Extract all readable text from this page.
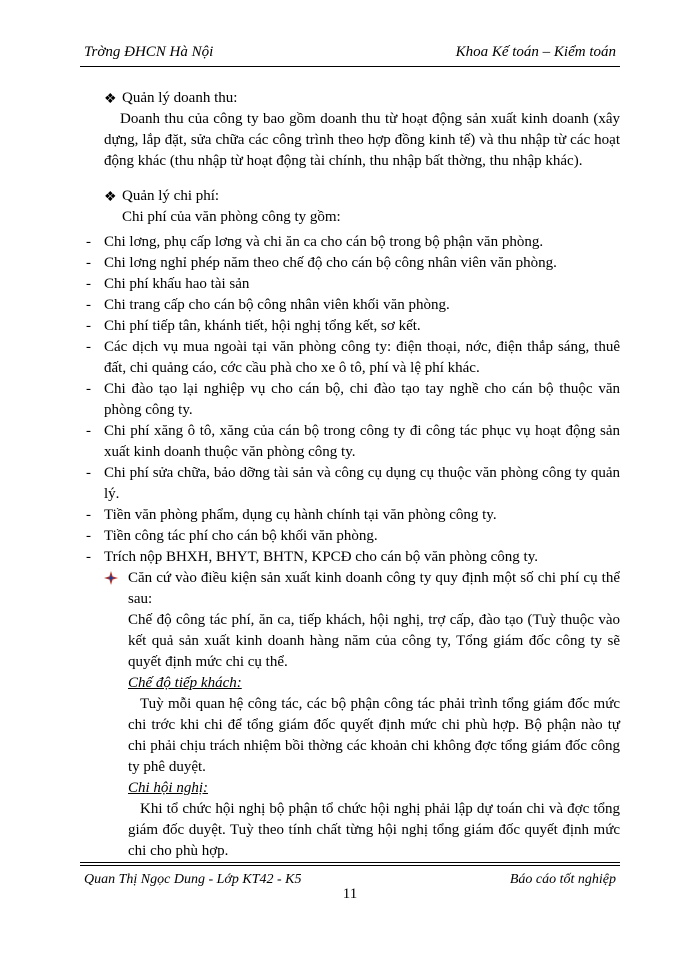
Trờng ĐHCN Hà Nội	Khoa Kế toán – Kiểm toán
❖ Quản lý doanh thu:

Doanh thu của công ty bao gồm doanh thu từ hoạt động sản xuất kinh doanh (xây dựng, lắp đặt, sửa chữa các công trình theo hợp đồng kinh tế) và thu nhập từ các hoạt động khác (thu nhập từ hoạt động tài chính, thu nhập bất thờng, thu nhập khác).

❖ Quản lý chi phí:

Chi phí của văn phòng công ty gồm:

- Chi lơng, phụ cấp lơng và chi ăn ca cho cán bộ trong bộ phận văn phòng.
- Chi lơng nghỉ phép năm theo chế độ cho cán bộ công nhân viên văn phòng.
- Chi phí khấu hao tài sản
- Chi trang cấp cho cán bộ công nhân viên khối văn phòng.
- Chi phí tiếp tân, khánh tiết, hội nghị tổng kết, sơ kết.
- Các dịch vụ mua ngoài tại văn phòng công ty: điện thoại, nớc, điện thắp sáng, thuê đất, chi quảng cáo, cớc cầu phà cho xe ô tô, phí và lệ phí khác.
- Chi đào tạo lại nghiệp vụ cho cán bộ, chi đào tạo tay nghề cho cán bộ thuộc văn phòng công ty.
- Chi phí xăng ô tô, xăng của cán bộ trong công ty đi công tác phục vụ hoạt động sản xuất kinh doanh thuộc văn phòng công ty.
- Chi phí sửa chữa, bảo dỡng tài sản và công cụ dụng cụ thuộc văn phòng công ty quản lý.
- Tiền văn phòng phẩm, dụng cụ hành chính tại văn phòng công ty.
- Tiền công tác phí cho cán bộ khối văn phòng.
- Trích nộp BHXH, BHYT, BHTN, KPCĐ cho cán bộ văn phòng công ty.

Căn cứ vào điều kiện sản xuất kinh doanh công ty quy định một số chi phí cụ thể sau:

Chế độ công tác phí, ăn ca, tiếp khách, hội nghị, trợ cấp, đào tạo (Tuỳ thuộc vào kết quả sản xuất kinh doanh hàng năm của công ty, Tổng giám đốc công ty sẽ quyết định mức chi cụ thể.

Chế độ tiếp khách:

Tuỳ mỗi quan hệ công tác, các bộ phận công tác phải trình tổng giám đốc mức chi trớc khi chi để tổng giám đốc quyết định mức chi phù hợp. Bộ phận nào tự chi phải chịu trách nhiệm bồi thờng các khoản chi không đợc tổng giám đốc công ty phê duyệt.

Chi hội nghị:

Khi tổ chức hội nghị bộ phận tổ chức hội nghị phải lập dự toán chi và đợc tổng giám đốc duyệt. Tuỳ theo tính chất từng hội nghị tổng giám đốc quyết định mức chi cho phù hợp.

Quan Thị Ngọc Dung - Lớp KT42 - K5	Báo cáo tốt nghiệp
11
